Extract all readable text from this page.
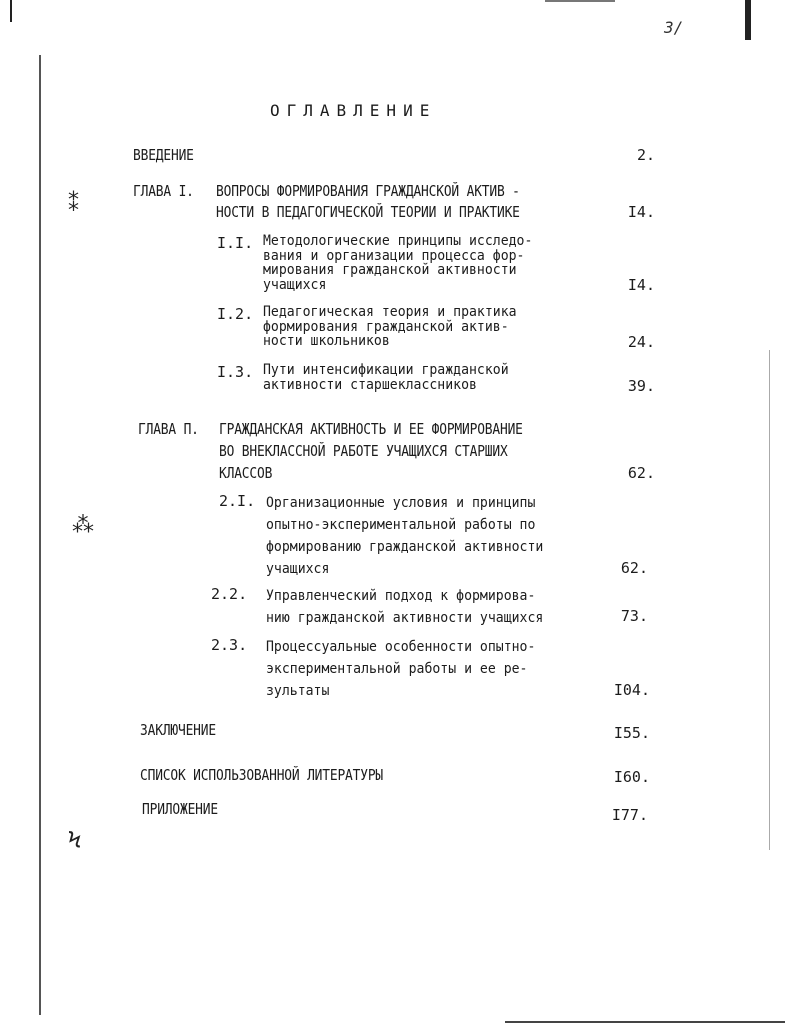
⁑
⁂
Ϟ
3/
ОГЛАВЛЕНИЕ
ВВЕДЕНИЕ	2.
ГЛАВА I. ВОПРОСЫ ФОРМИРОВАНИЯ ГРАЖДАНСКОЙ АКТИВ -
НОСТИ В ПЕДАГОГИЧЕСКОЙ ТЕОРИИ И ПРАКТИКЕ	I4.
I.I. Методологические принципы исследо-
вания и организации процесса фор-
мирования гражданской активности
учащихся	I4.
I.2. Педагогическая теория и практика
формирования гражданской актив-
ности школьников	24.
I.3. Пути интенсификации гражданской
активности старшеклассников	39.
ГЛАВА П. ГРАЖДАНСКАЯ АКТИВНОСТЬ И ЕЕ ФОРМИРОВАНИЕ
ВО ВНЕКЛАССНОЙ РАБОТЕ УЧАЩИХСЯ СТАРШИХ
КЛАССОВ	62.
2.I. Организационные условия и принципы
опытно-экспериментальной работы по
формированию гражданской активности
учащихся	62.
2.2. Управленческий подход к формирова-
нию гражданской активности учащихся	73.
2.3. Процессуальные особенности опытно-
экспериментальной работы и ее ре-
зультаты	I04.
ЗАКЛЮЧЕНИЕ	I55.
СПИСОК ИСПОЛЬЗОВАННОЙ ЛИТЕРАТУРЫ	I60.
ПРИЛОЖЕНИЕ	I77.
